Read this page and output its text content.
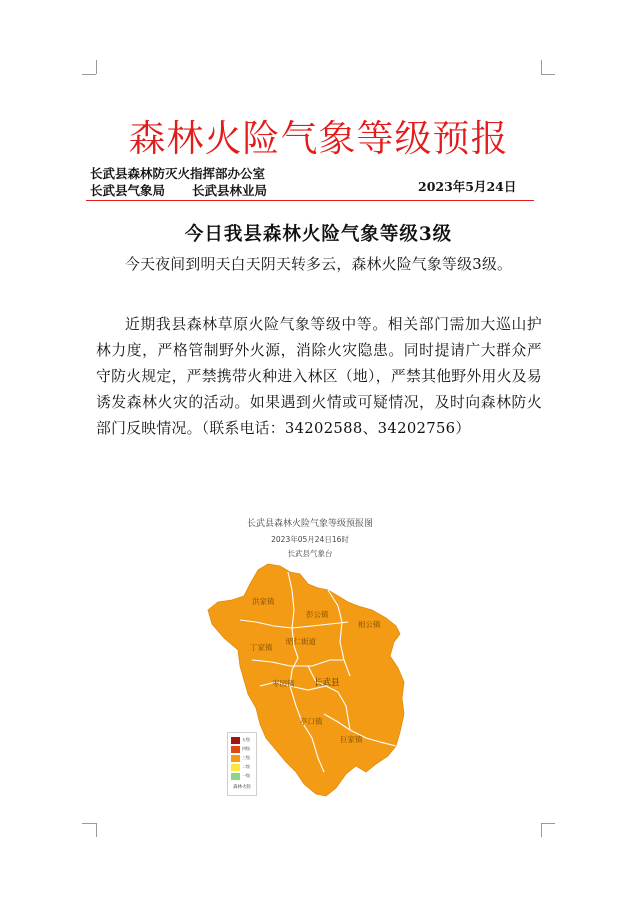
森林火险气象等级预报
长武县森林防灭火指挥部办公室
长武县气象局 长武县林业局	2023年5月24日
今日我县森林火险气象等级3级
今天夜间到明天白天阴天转多云，森林火险气象等级3级。
近期我县森林草原火险气象等级中等。相关部门需加大巡山护林力度，严格管制野外火源，消除火灾隐患。同时提请广大群众严守防火规定，严禁携带火种进入林区（地），严禁其他野外用火及易诱发森林火灾的活动。如果遇到火情或可疑情况，及时向森林防火部门反映情况。（联系电话：34202588、34202756）
长武县森林火险气象等级预报图
2023年05月24日16时
长武县气象台
洪家镇
彭公镇
相公镇
昭仁街道
丁家镇
枣园镇 长武县
亭口镇
巨家镇
五级
四级
三级
二级
一级
森林火险
